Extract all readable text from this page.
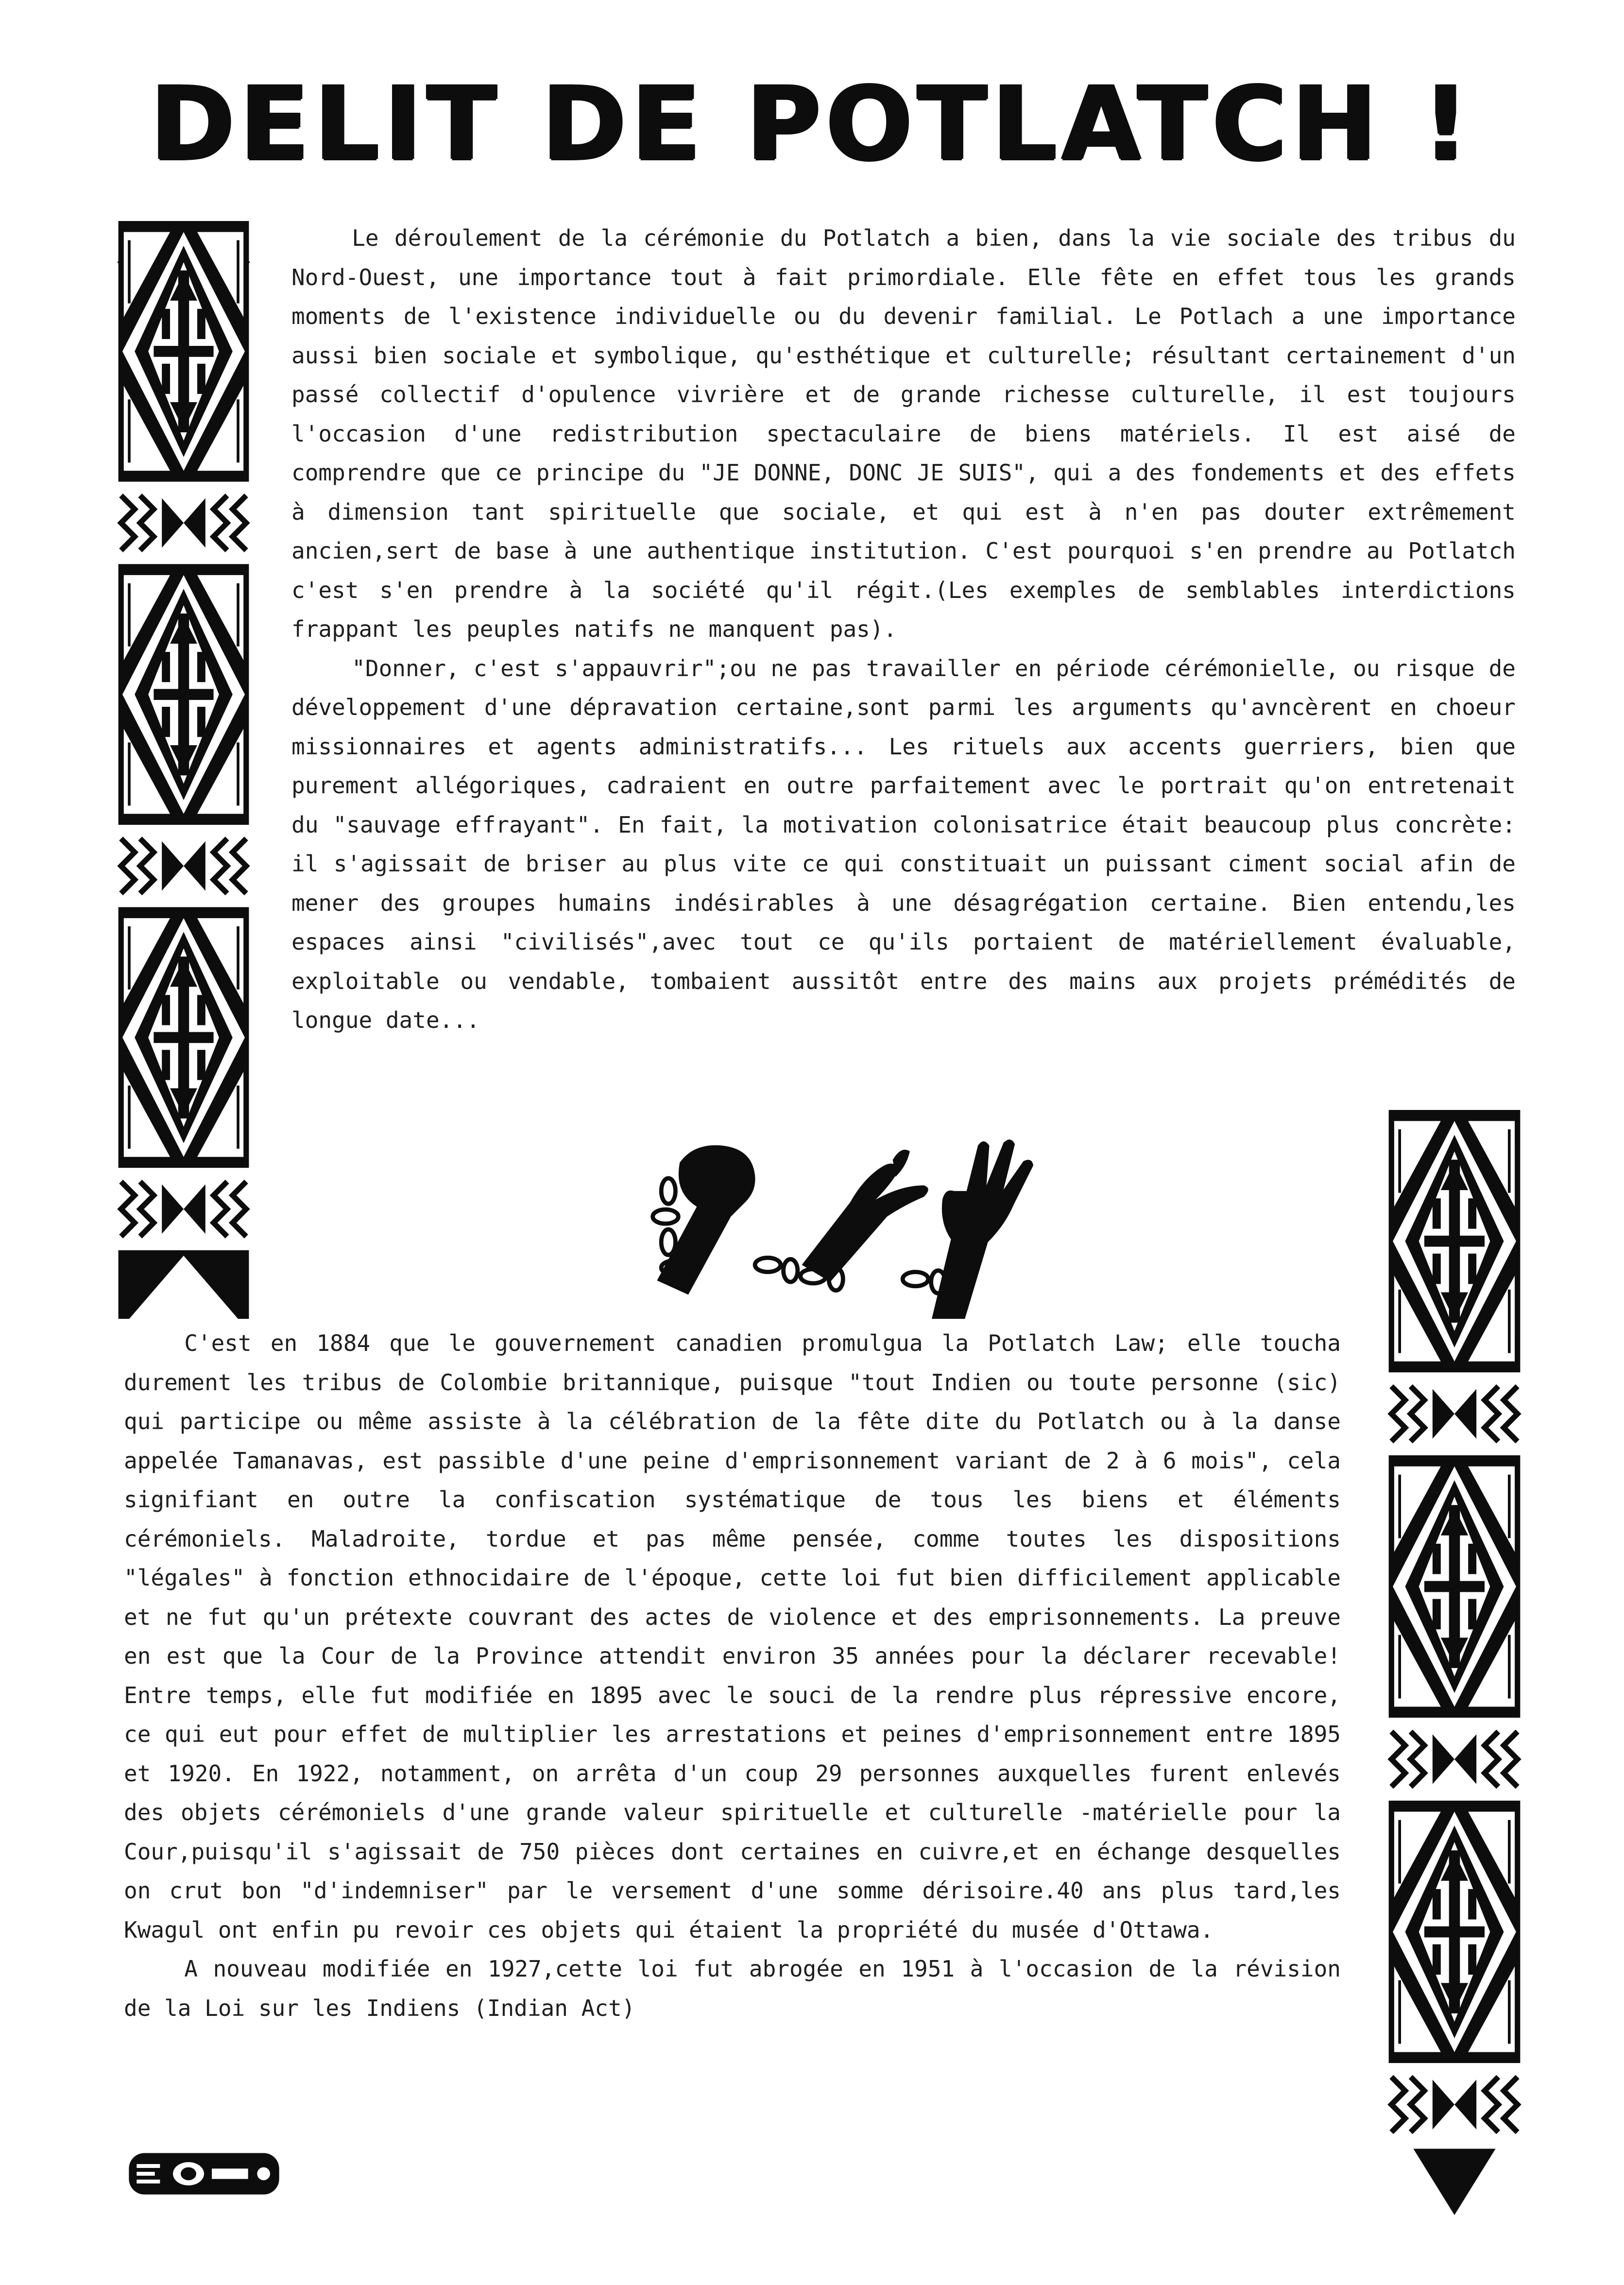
DELIT DE POTLATCH !

Le déroulement de la cérémonie du Potlatch a bien, dans la vie sociale des tribus du Nord-Ouest, une importance tout à fait primordiale. Elle fête en effet tous les grands moments de l'existence individuelle ou du devenir familial. Le Potlach a une importance aussi bien sociale et symbolique, qu'esthétique et culturelle; résultant certainement d'un passé collectif d'opulence vivrière et de grande richesse culturelle, il est toujours l'occasion d'une redistribution spectaculaire de biens matériels. Il est aisé de comprendre que ce principe du "JE DONNE, DONC JE SUIS", qui a des fondements et des effets à dimension tant spirituelle que sociale, et qui est à n'en pas douter extrêmement ancien,sert de base à une authentique institution. C'est pourquoi s'en prendre au Potlatch c'est s'en prendre à la société qu'il régit.(Les exemples de semblables interdictions frappant les peuples natifs ne manquent pas).

"Donner, c'est s'appauvrir";ou ne pas travailler en période cérémonielle, ou risque de développement d'une dépravation certaine,sont parmi les arguments qu'avncèrent en choeur missionnaires et agents administratifs... Les rituels aux accents guerriers, bien que purement allégoriques, cadraient en outre parfaitement avec le portrait qu'on entretenait du "sauvage effrayant". En fait, la motivation colonisatrice était beaucoup plus concrète: il s'agissait de briser au plus vite ce qui constituait un puissant ciment social afin de mener des groupes humains indésirables à une désagrégation certaine. Bien entendu,les espaces ainsi "civilisés",avec tout ce qu'ils portaient de matériellement évaluable, exploitable ou vendable, tombaient aussitôt entre des mains aux projets prémédités de longue date...

C'est en 1884 que le gouvernement canadien promulgua la Potlatch Law; elle toucha durement les tribus de Colombie britannique, puisque "tout Indien ou toute personne (sic) qui participe ou même assiste à la célébration de la fête dite du Potlatch ou à la danse appelée Tamanavas, est passible d'une peine d'emprisonnement variant de 2 à 6 mois", cela signifiant en outre la confiscation systématique de tous les biens et éléments cérémoniels. Maladroite, tordue et pas même pensée, comme toutes les dispositions "légales" à fonction ethnocidaire de l'époque, cette loi fut bien difficilement applicable et ne fut qu'un prétexte couvrant des actes de violence et des emprisonnements. La preuve en est que la Cour de la Province attendit environ 35 années pour la déclarer recevable! Entre temps, elle fut modifiée en 1895 avec le souci de la rendre plus répressive encore, ce qui eut pour effet de multiplier les arrestations et peines d'emprisonnement entre 1895 et 1920. En 1922, notamment, on arrêta d'un coup 29 personnes auxquelles furent enlevés des objets cérémoniels d'une grande valeur spirituelle et culturelle -matérielle pour la Cour,puisqu'il s'agissait de 750 pièces dont certaines en cuivre,et en échange desquelles on crut bon "d'indemniser" par le versement d'une somme dérisoire.40 ans plus tard,les Kwagul ont enfin pu revoir ces objets qui étaient la propriété du musée d'Ottawa.

A nouveau modifiée en 1927,cette loi fut abrogée en 1951 à l'occasion de la révision de la Loi sur les Indiens (Indian Act)
